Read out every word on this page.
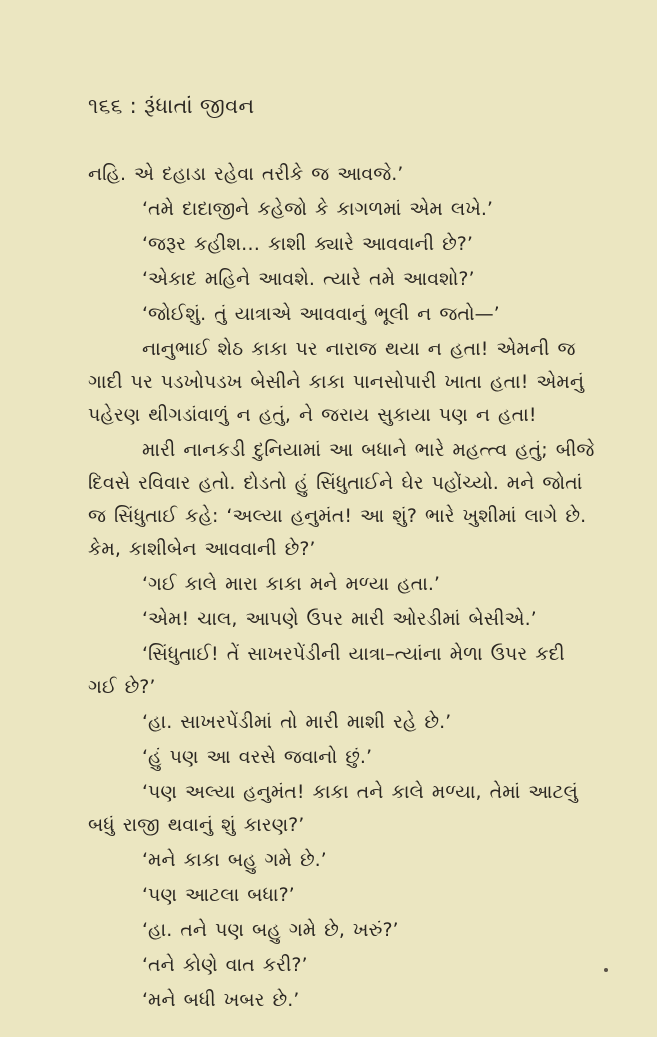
૧૬૬ : રૂંધાતાં જીવન

નહિ. એ દહાડા રહેવા તરીકે જ આવજે.’

‘તમે દાદાજીને કહેજો કે કાગળમાં એમ લખે.’

‘જરૂર કહીશ… કાશી ક્યારે આવવાની છે?’

‘એકાદ મહિને આવશે. ત્યારે તમે આવશો?’

‘જોઈશું. તું યાત્રાએ આવવાનું ભૂલી ન જતો—’

નાનુભાઈ શેઠ કાકા પર નારાજ થયા ન હતા! એમની જ ગાદી પર પડખોપડખ બેસીને કાકા પાનસોપારી ખાતા હતા! એમનું પહેરણ થીગડાંવાળું ન હતું, ને જરાય સુકાયા પણ ન હતા!

મારી નાનકડી દુનિયામાં આ બધાને ભારે મહત્ત્વ હતું; બીજે દિવસે રવિવાર હતો. દોડતો હું સિંધુતાઈને ઘેર પહોંચ્યો. મને જોતાં જ સિંધુતાઈ કહે: ‘અલ્યા હનુમંત! આ શું? ભારે ખુશીમાં લાગે છે. કેમ, કાશીબેન આવવાની છે?’

‘ગઈ કાલે મારા કાકા મને મળ્યા હતા.’

‘એમ! ચાલ, આપણે ઉપર મારી ઓરડીમાં બેસીએ.’

‘સિંધુતાઈ! તેં સાખરપેંડીની યાત્રા–ત્યાંના મેળા ઉપર કદી ગઈ છે?’

‘હા. સાખરપેંડીમાં તો મારી માશી રહે છે.’

‘હું પણ આ વરસે જવાનો છું.’

‘પણ અલ્યા હનુમંત! કાકા તને કાલે મળ્યા, તેમાં આટલું બધું રાજી થવાનું શું કારણ?’

‘મને કાકા બહુ ગમે છે.’

‘પણ આટલા બધા?’

‘હા. તને પણ બહુ ગમે છે, ખરું?’

‘તને કોણે વાત કરી?’

‘મને બધી ખબર છે.’
